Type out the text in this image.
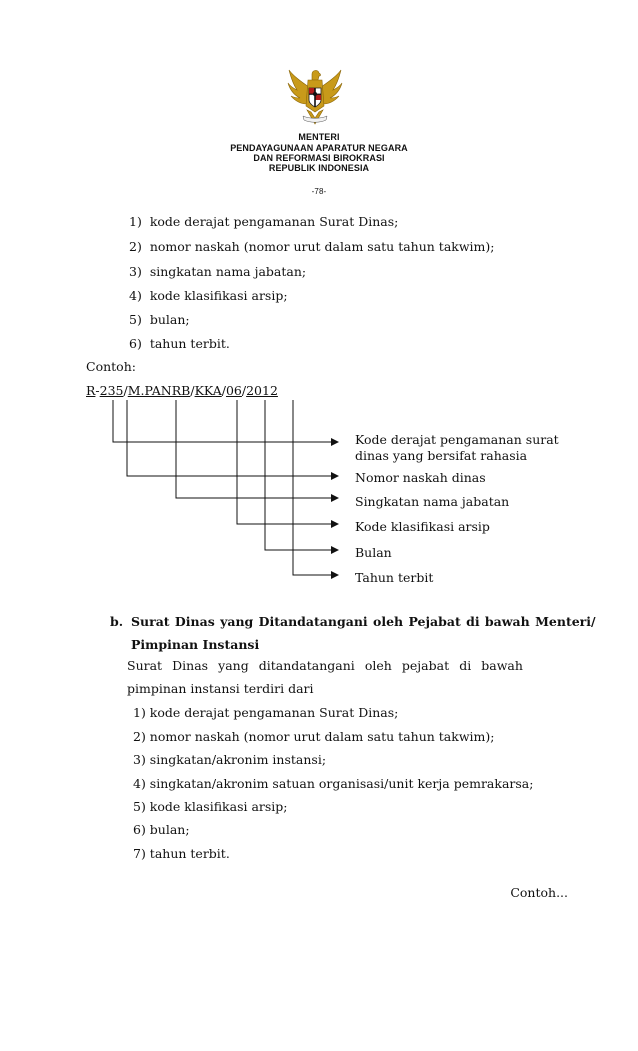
MENTERI
PENDAYAGUNAAN APARATUR NEGARA
DAN REFORMASI BIROKRASI
REPUBLIK INDONESIA
-78-
1) kode derajat pengamanan Surat Dinas;
2) nomor naskah (nomor urut dalam satu tahun takwim);
3) singkatan nama jabatan;
4) kode klasifikasi arsip;
5) bulan;
6) tahun terbit.
Contoh:
R-235/M.PANRB/KKA/06/2012
Kode derajat pengamanan surat
dinas yang bersifat rahasia
Nomor naskah dinas
Singkatan nama jabatan
Kode klasifikasi arsip
Bulan
Tahun terbit
b. Surat Dinas yang Ditandatangani oleh Pejabat di bawah Menteri/
Pimpinan Instansi
Surat Dinas yang ditandatangani oleh pejabat di bawah
pimpinan instansi terdiri dari
1) kode derajat pengamanan Surat Dinas;
2) nomor naskah (nomor urut dalam satu tahun takwim);
3) singkatan/akronim instansi;
4) singkatan/akronim satuan organisasi/unit kerja pemrakarsa;
5) kode klasifikasi arsip;
6) bulan;
7) tahun terbit.
Contoh...
